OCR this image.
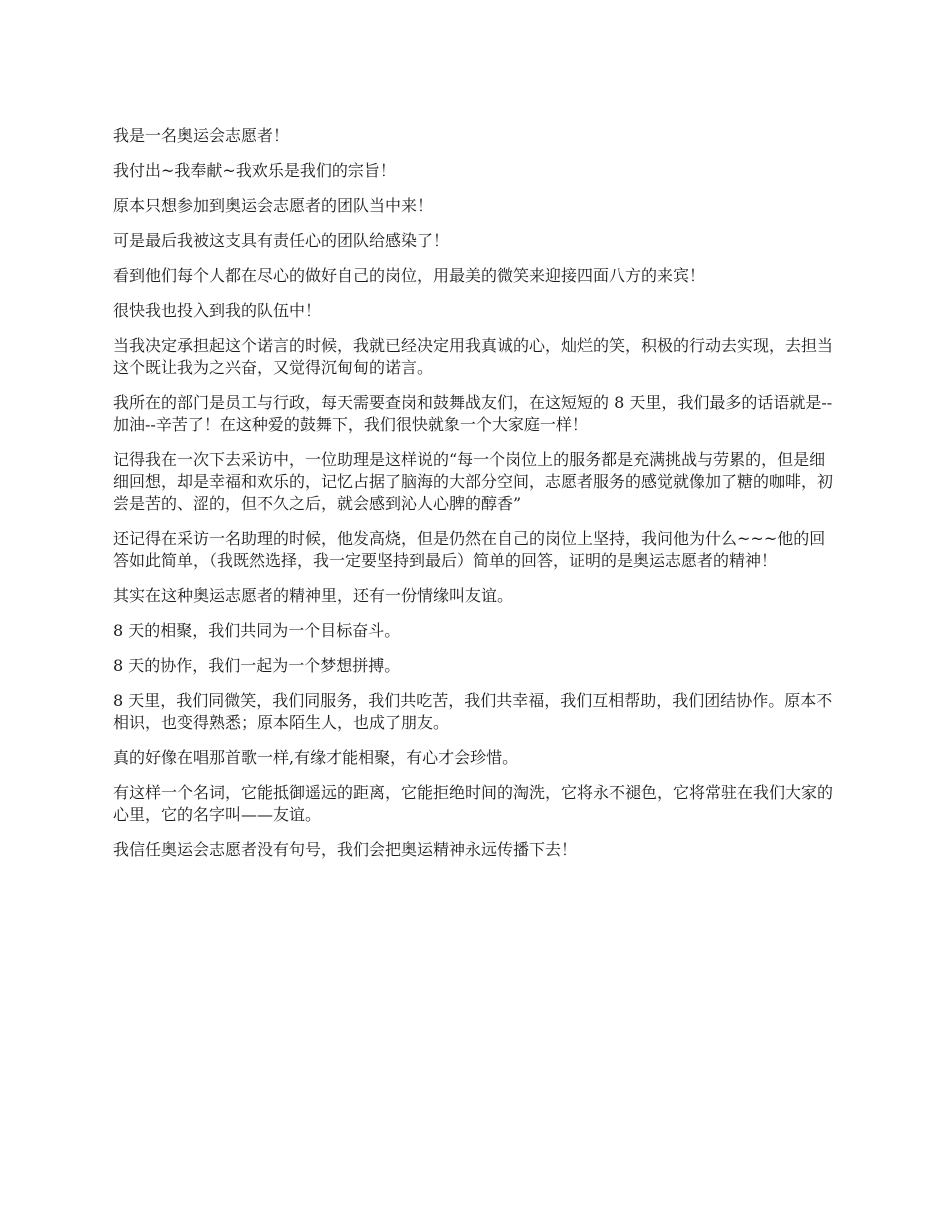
我是一名奥运会志愿者！

我付出~我奉献~我欢乐是我们的宗旨！

原本只想参加到奥运会志愿者的团队当中来！

可是最后我被这支具有责任心的团队给感染了！

看到他们每个人都在尽心的做好自己的岗位，用最美的微笑来迎接四面八方的来宾！

很快我也投入到我的队伍中！

当我决定承担起这个诺言的时候，我就已经决定用我真诚的心，灿烂的笑，积极的行动去实现，去担当这个既让我为之兴奋，又觉得沉甸甸的诺言。

我所在的部门是员工与行政，每天需要查岗和鼓舞战友们，在这短短的 8 天里，我们最多的话语就是--加油--辛苦了！在这种爱的鼓舞下，我们很快就象一个大家庭一样！

记得我在一次下去采访中，一位助理是这样说的“每一个岗位上的服务都是充满挑战与劳累的，但是细细回想，却是幸福和欢乐的，记忆占据了脑海的大部分空间，志愿者服务的感觉就像加了糖的咖啡，初尝是苦的、涩的，但不久之后，就会感到沁人心脾的醇香”

还记得在采访一名助理的时候，他发高烧，但是仍然在自己的岗位上坚持，我问他为什么~~~他的回答如此简单，（我既然选择，我一定要坚持到最后）简单的回答，证明的是奥运志愿者的精神！

其实在这种奥运志愿者的精神里，还有一份情缘叫友谊。

8 天的相聚，我们共同为一个目标奋斗。

8 天的协作，我们一起为一个梦想拼搏。

8 天里，我们同微笑，我们同服务，我们共吃苦，我们共幸福，我们互相帮助，我们团结协作。原本不相识，也变得熟悉；原本陌生人，也成了朋友。

真的好像在唱那首歌一样,有缘才能相聚，有心才会珍惜。

有这样一个名词，它能抵御遥远的距离，它能拒绝时间的淘洗，它将永不褪色，它将常驻在我们大家的心里，它的名字叫——友谊。

我信任奥运会志愿者没有句号，我们会把奥运精神永远传播下去！
